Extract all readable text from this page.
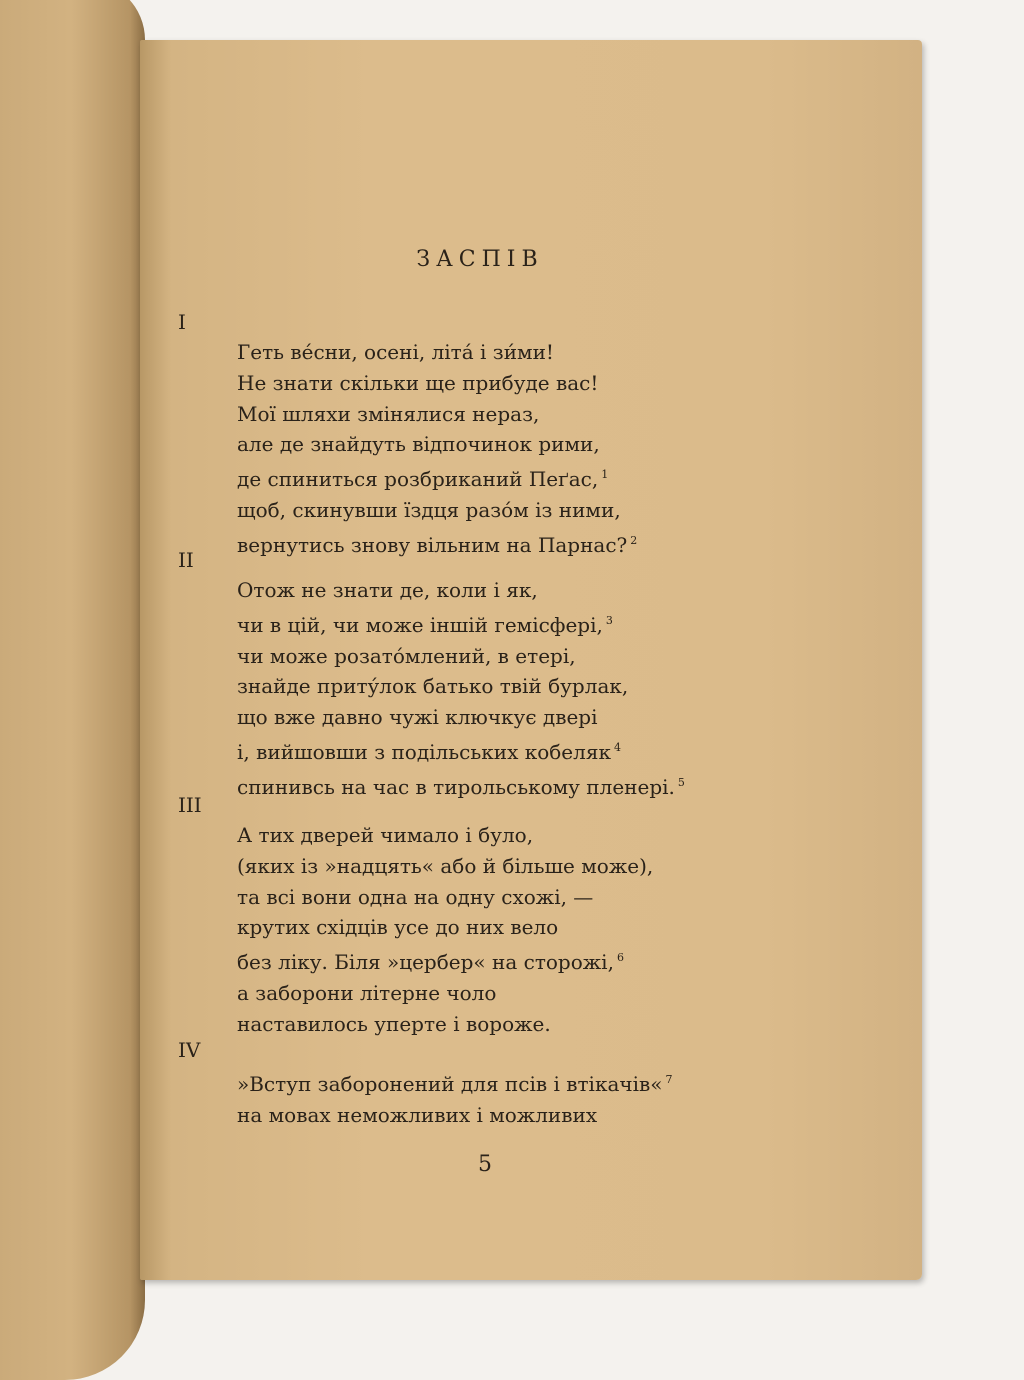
ЗАСПІВ
I
Геть ве́сни, осені, літа́ і зи́ми!
Не знати скільки ще прибуде вас!
Мої шляхи змінялися нераз,
але де знайдуть відпочинок рими,
де спиниться розбриканий Пеґас, $^1$
щоб, скинувши їздця разо́м із ними,
вернутись знову вільним на Парнас? $^2$
II
Отож не знати де, коли і як,
чи в цій, чи може іншій гемісфері, $^3$
чи може розато́млений, в етері,
знайде приту́лок батько твій бурлак,
що вже давно чужі ключкує двері
і, вийшовши з подільських кобеляк $^4$
спинивсь на час в тирольському пленері. $^5$
III
А тих дверей чимало і було,
(яких із »надцять« або й більше може),
та всі вони одна на одну схожі, —
крутих східців усе до них вело
без ліку. Біля »цербер« на сторожі, $^6$
а заборони літерне чоло
наставилось уперте і вороже.
IV
»Вступ заборонений для псів і втікачів« $^7$
на мовах неможливих і можливих
5
